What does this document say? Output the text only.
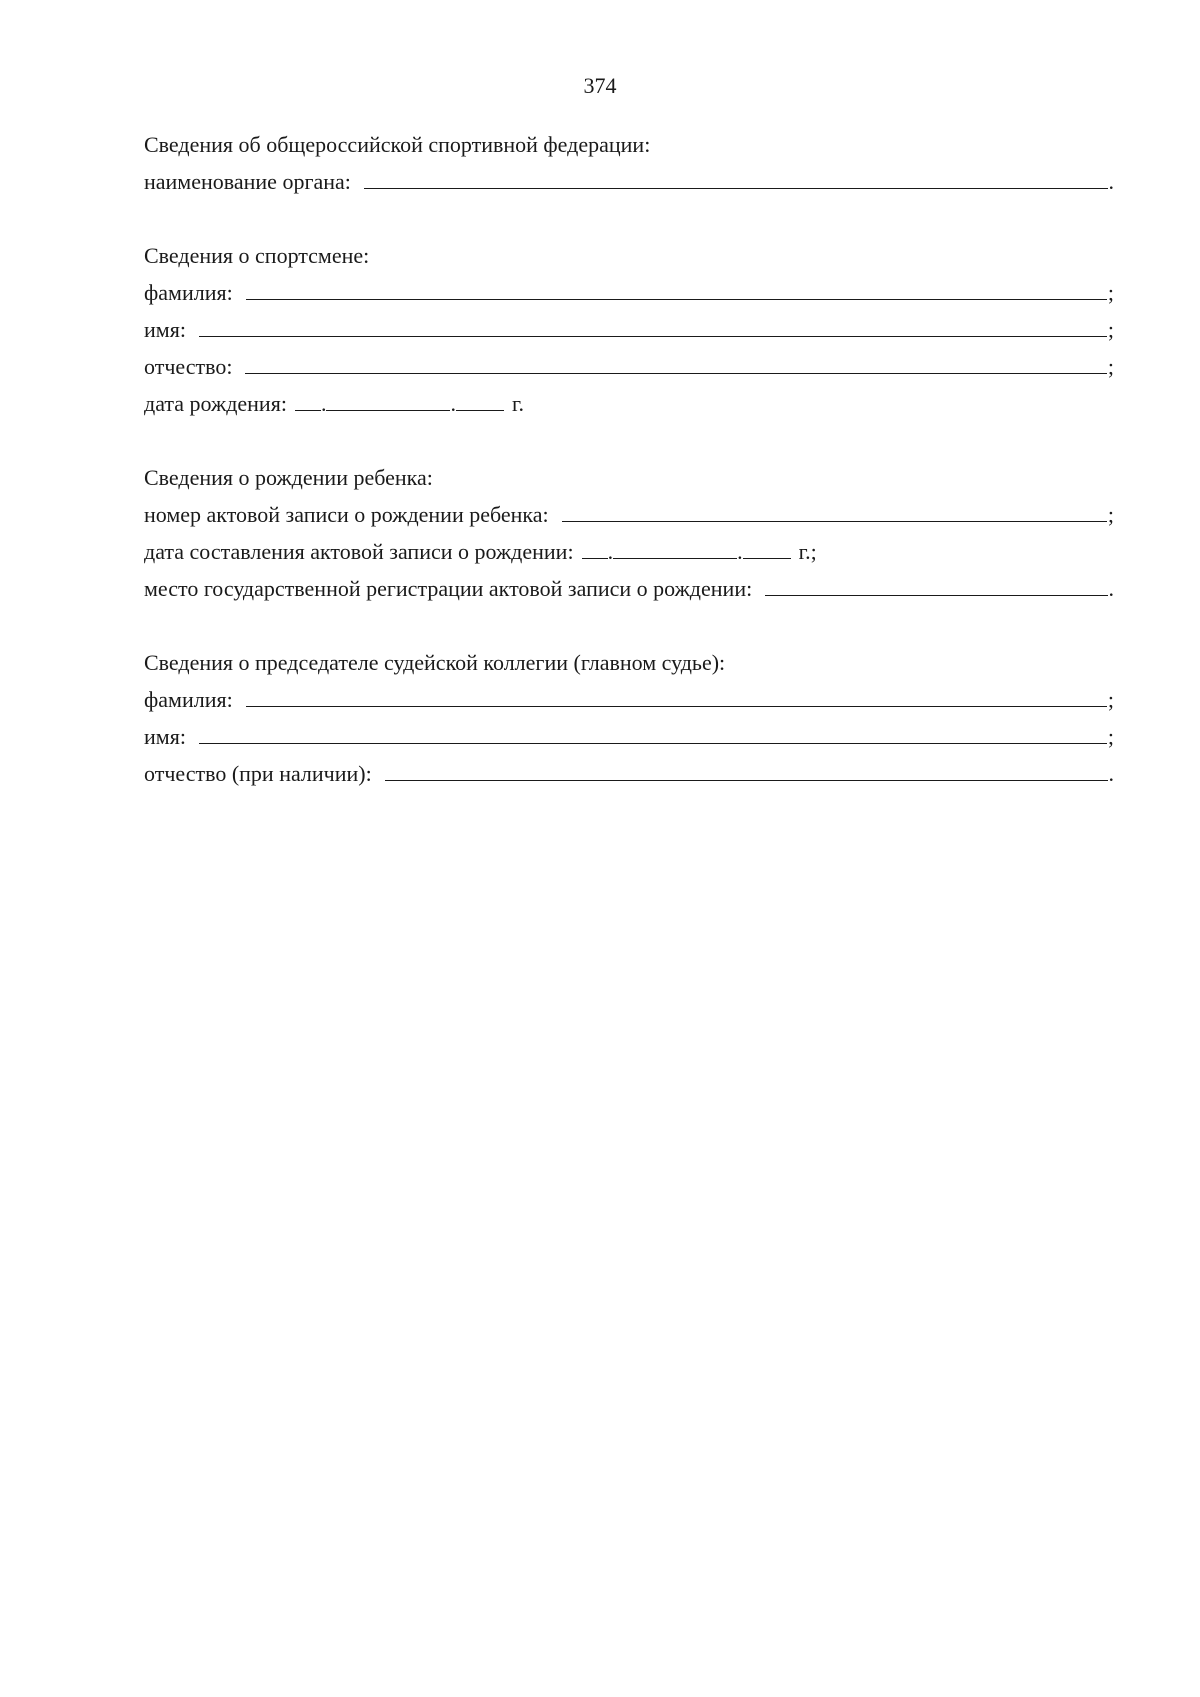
374
Сведения об общероссийской спортивной федерации:
наименование органа:	.
Сведения о спортсмене:
фамилия:	;
имя:	;
отчество:	;
дата рождения: .	.	г.
Сведения о рождении ребенка:
номер актовой записи о рождении ребенка:	;
дата составления актовой записи о рождении: .	.	г.;
место государственной регистрации актовой записи о рождении:	.
Сведения о председателе судейской коллегии (главном судье):
фамилия:	;
имя:	;
отчество (при наличии):	.
